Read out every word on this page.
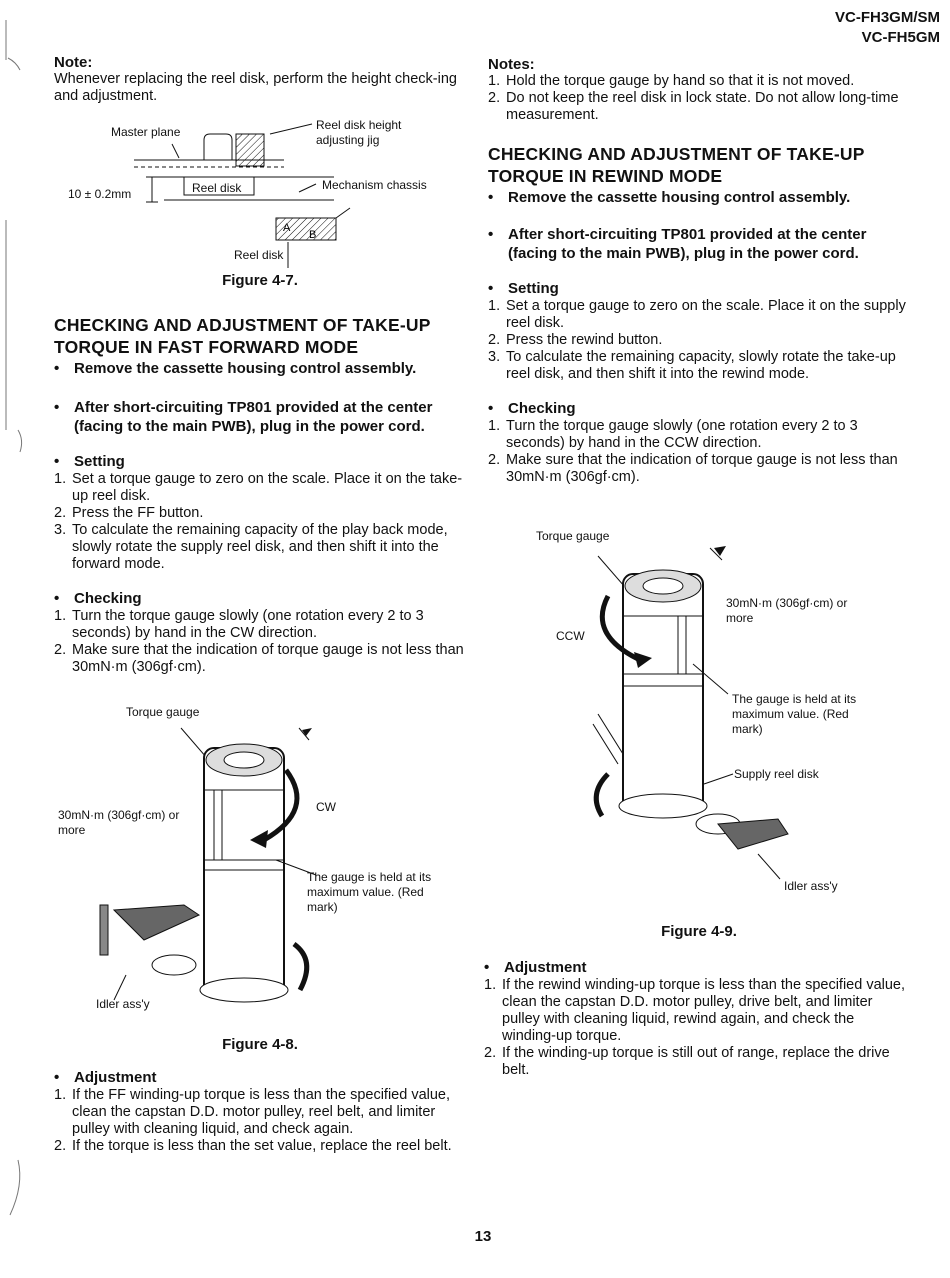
VC-FH3GM/SM
VC-FH5GM
Note:
Whenever replacing the reel disk, perform the height check-ing and adjustment.
A
B
Master plane	Reel disk height adjusting jig
Mechanism chassis
10 ± 0.2mm	Reel disk
Reel disk
Figure 4-7.
CHECKING AND ADJUSTMENT OF TAKE-UP TORQUE IN FAST FORWARD MODE
• Remove the cassette housing control assembly.
• After short-circuiting TP801 provided at the center (facing to the main PWB), plug in the power cord.
• Setting
1. Set a torque gauge to zero on the scale. Place it on the take-up reel disk.
2. Press the FF button.
3. To calculate the remaining capacity of the play back mode, slowly rotate the supply reel disk, and then shift it into the forward mode.
• Checking
1. Turn the torque gauge slowly (one rotation every 2 to 3 seconds) by hand in the CW direction.
2. Make sure that the indication of torque gauge is not less than 30mN·m (306gf·cm).
Torque gauge
30mN·m (306gf·cm) or more
CW
The gauge is held at its maximum value. (Red mark)
Idler ass'y
Figure 4-8.
• Adjustment
1. If the FF winding-up torque is less than the specified value, clean the capstan D.D. motor pulley, reel belt, and limiter pulley with cleaning liquid, and check again.
2. If the torque is less than the set value, replace the reel belt.
Notes:
1. Hold the torque gauge by hand so that it is not moved.
2. Do not keep the reel disk in lock state. Do not allow long-time measurement.
CHECKING AND ADJUSTMENT OF TAKE-UP TORQUE IN REWIND MODE
• Remove the cassette housing control assembly.
• After short-circuiting TP801 provided at the center (facing to the main PWB), plug in the power cord.
• Setting
1. Set a torque gauge to zero on the scale. Place it on the supply reel disk.
2. Press the rewind button.
3. To calculate the remaining capacity, slowly rotate the take-up reel disk, and then shift it into the rewind mode.
• Checking
1. Turn the torque gauge slowly (one rotation every 2 to 3 seconds) by hand in the CCW direction.
2. Make sure that the indication of torque gauge is not less than 30mN·m (306gf·cm).
Torque gauge
30mN·m (306gf·cm) or more
CCW
The gauge is held at its maximum value. (Red mark)
Supply reel disk
Idler ass'y
Figure 4-9.
• Adjustment
1. If the rewind winding-up torque is less than the specified value, clean the capstan D.D. motor pulley, drive belt, and limiter pulley with cleaning liquid, rewind again, and check the winding-up torque.
2. If the winding-up torque is still out of range, replace the drive belt.
13
